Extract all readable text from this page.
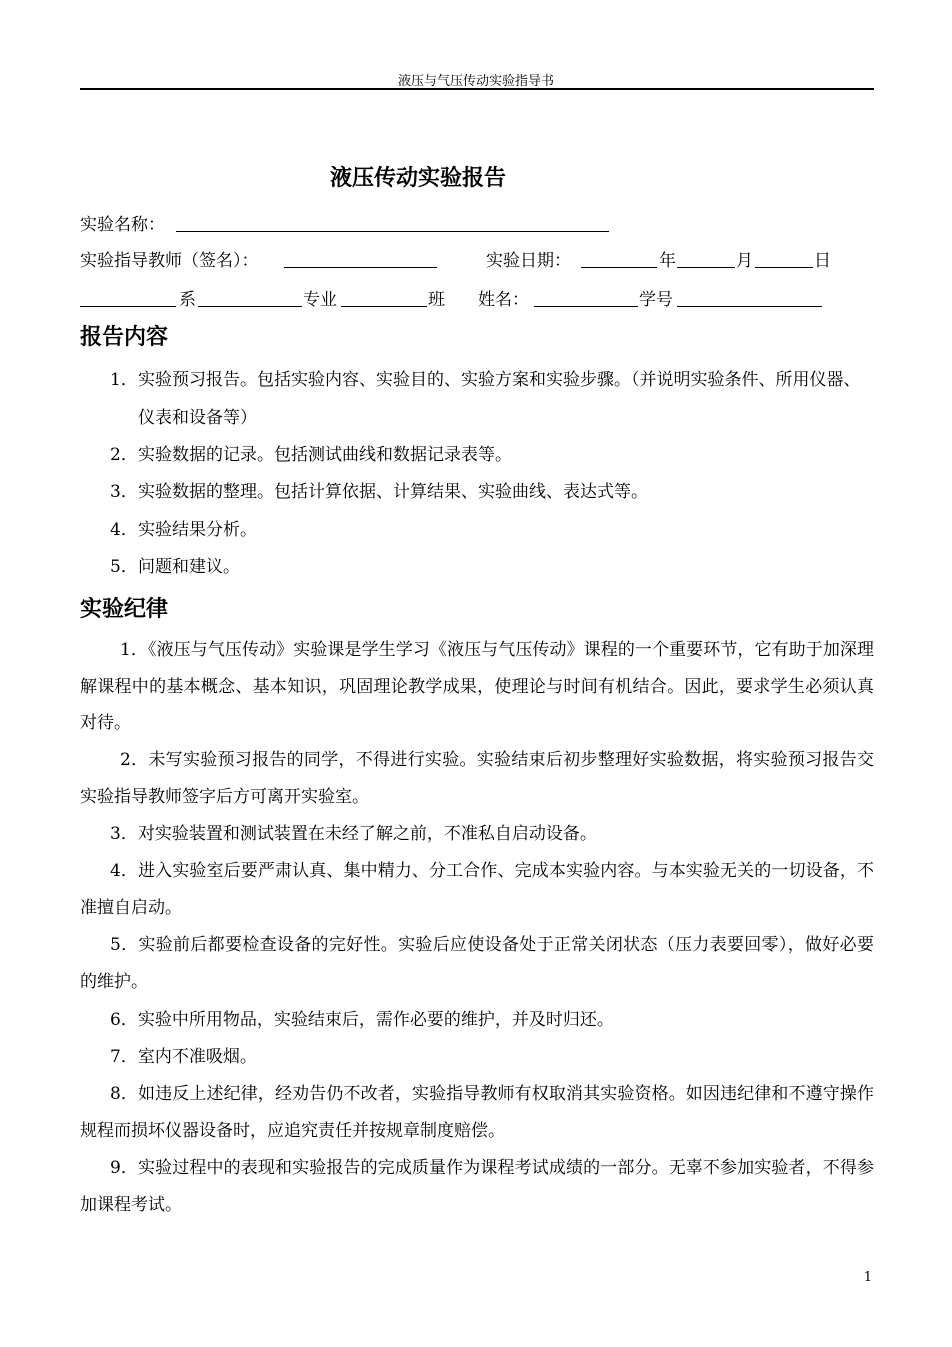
液压与气压传动实验指导书
液压传动实验报告
实验名称：
实验指导教师（签名）：	实验日期：	年	月	日
系	专业	班 姓名：	学号
报告内容
1． 实验预习报告。包括实验内容、实验目的、实验方案和实验步骤。（并说明实验条件、所用仪器、仪表和设备等）
2． 实验数据的记录。包括测试曲线和数据记录表等。
3． 实验数据的整理。包括计算依据、计算结果、实验曲线、表达式等。
4． 实验结果分析。
5． 问题和建议。
实验纪律

1．《液压与气压传动》实验课是学生学习《液压与气压传动》课程的一个重要环节，它有助于加深理解课程中的基本概念、基本知识，巩固理论教学成果，使理论与时间有机结合。因此，要求学生必须认真对待。

2．未写实验预习报告的同学，不得进行实验。实验结束后初步整理好实验数据，将实验预习报告交实验指导教师签字后方可离开实验室。

3．对实验装置和测试装置在未经了解之前，不准私自启动设备。

4．进入实验室后要严肃认真、集中精力、分工合作、完成本实验内容。与本实验无关的一切设备，不准擅自启动。

5．实验前后都要检查设备的完好性。实验后应使设备处于正常关闭状态（压力表要回零），做好必要的维护。

6．实验中所用物品，实验结束后，需作必要的维护，并及时归还。

7．室内不准吸烟。

8．如违反上述纪律，经劝告仍不改者，实验指导教师有权取消其实验资格。如因违纪律和不遵守操作规程而损坏仪器设备时，应追究责任并按规章制度赔偿。

9．实验过程中的表现和实验报告的完成质量作为课程考试成绩的一部分。无辜不参加实验者，不得参加课程考试。

1
